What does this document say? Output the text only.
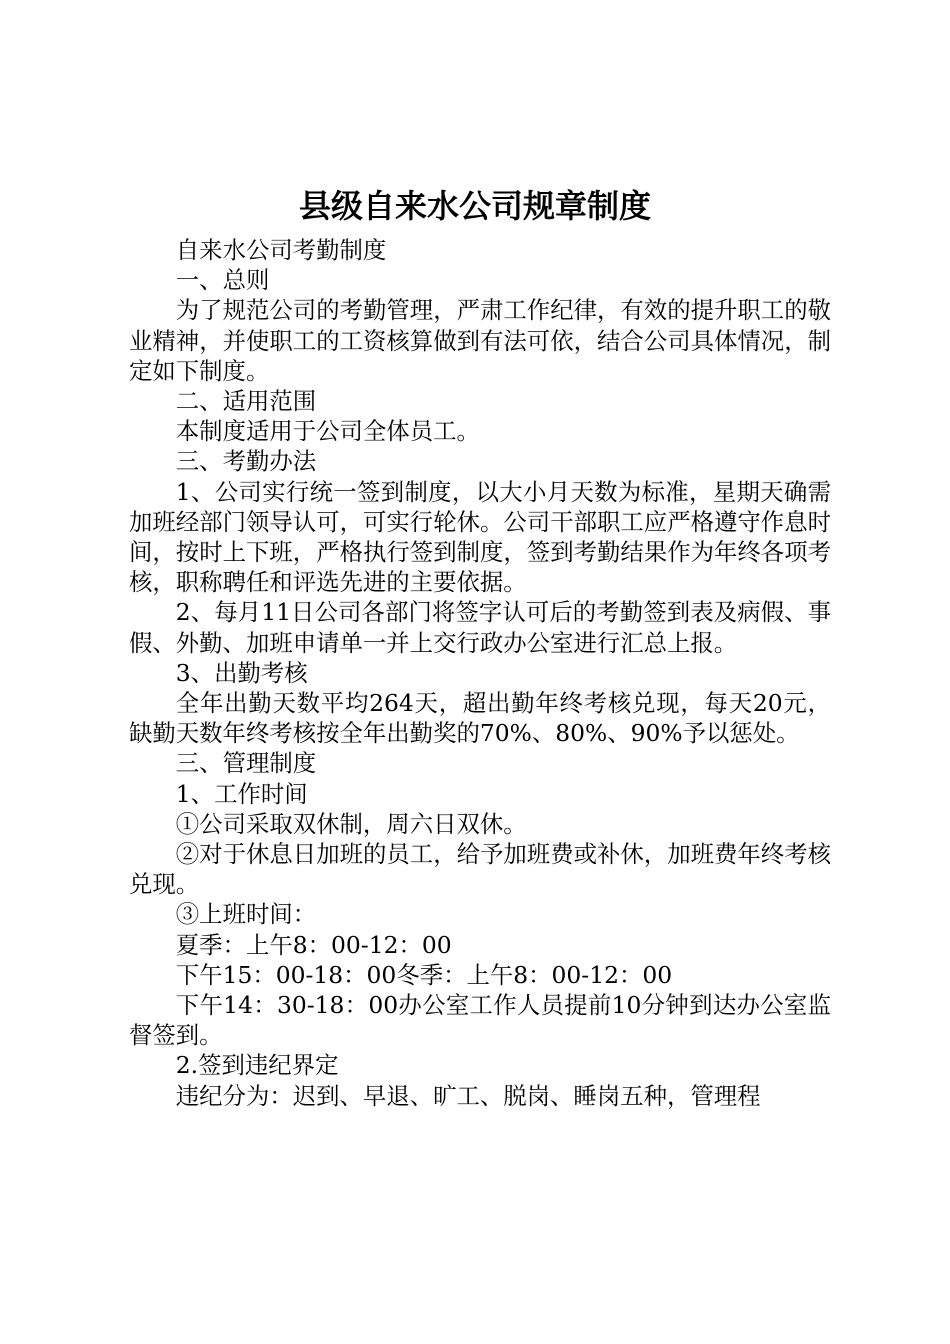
县级自来水公司规章制度

自来水公司考勤制度

一、总则

为了规范公司的考勤管理，严肃工作纪律，有效的提升职工的敬业精神，并使职工的工资核算做到有法可依，结合公司具体情况，制定如下制度。

二、适用范围

本制度适用于公司全体员工。

三、考勤办法

1、公司实行统一签到制度，以大小月天数为标准，星期天确需加班经部门领导认可，可实行轮休。公司干部职工应严格遵守作息时间，按时上下班，严格执行签到制度，签到考勤结果作为年终各项考核，职称聘任和评选先进的主要依据。

2、每月11日公司各部门将签字认可后的考勤签到表及病假、事假、外勤、加班申请单一并上交行政办公室进行汇总上报。

3、出勤考核

全年出勤天数平均264天，超出勤年终考核兑现，每天20元，缺勤天数年终考核按全年出勤奖的70%、80%、90%予以惩处。

三、管理制度

1、工作时间

①公司采取双休制，周六日双休。

②对于休息日加班的员工，给予加班费或补休，加班费年终考核兑现。

③上班时间：

夏季：上午8：00-12：00

下午15：00-18：00冬季：上午8：00-12：00

下午14：30-18：00办公室工作人员提前10分钟到达办公室监督签到。

2.签到违纪界定

违纪分为：迟到、早退、旷工、脱岗、睡岗五种，管理程
